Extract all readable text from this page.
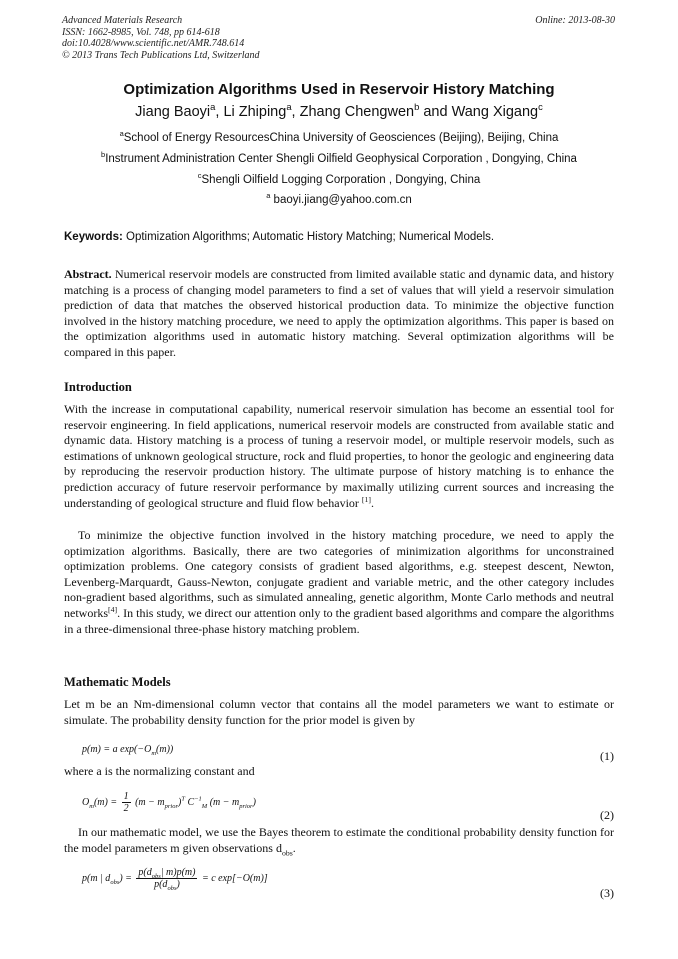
Advanced Materials Research
ISSN: 1662-8985, Vol. 748, pp 614-618
doi:10.4028/www.scientific.net/AMR.748.614
© 2013 Trans Tech Publications Ltd, Switzerland
Online: 2013-08-30
Optimization Algorithms Used in Reservoir History Matching
Jiang Baoyi$^a$, Li Zhiping$^a$, Zhang Chengwen$^b$ and Wang Xigang$^c$
$^a$School of Energy ResourcesChina University of Geosciences (Beijing), Beijing, China
$^b$Instrument Administration Center Shengli Oilfield Geophysical Corporation , Dongying, China
$^c$Shengli Oilfield Logging Corporation , Dongying, China
$^a$ baoyi.jiang@yahoo.com.cn
Keywords: Optimization Algorithms; Automatic History Matching; Numerical Models.
Abstract. Numerical reservoir models are constructed from limited available static and dynamic data, and history matching is a process of changing model parameters to find a set of values that will yield a reservoir simulation prediction of data that matches the observed historical production data. To minimize the objective function involved in the history matching procedure, we need to apply the optimization algorithms. This paper is based on the optimization algorithms used in automatic history matching. Several optimization algorithms will be compared in this paper.
Introduction
With the increase in computational capability, numerical reservoir simulation has become an essential tool for reservoir engineering. In field applications, numerical reservoir models are constructed from available static and dynamic data. History matching is a process of tuning a reservoir model, or multiple reservoir models, such as estimations of unknown geological structure, rock and fluid properties, to honor the geologic and engineering data by reproducing the reservoir production history. The ultimate purpose of history matching is to enhance the prediction accuracy of future reservoir performance by maximally utilizing current sources and increasing the understanding of geological structure and fluid flow behavior [1].
To minimize the objective function involved in the history matching procedure, we need to apply the optimization algorithms. Basically, there are two categories of minimization algorithms for unconstrained optimization problems. One category consists of gradient based algorithms, e.g. steepest descent, Newton, Levenberg-Marquardt, Gauss-Newton, conjugate gradient and variable metric, and the other category includes non-gradient based algorithms, such as simulated annealing, genetic algorithm, Monte Carlo methods and neutral networks[4]. In this study, we direct our attention only to the gradient based algorithms and compare the algorithms in a three-dimensional three-phase history matching problem.
Mathematic Models
Let m be an Nm-dimensional column vector that contains all the model parameters we want to estimate or simulate. The probability density function for the prior model is given by
p(m) = a $\exp(-O_m(m))$	(1)
where a is the normalizing constant and
$O_m(m) = \frac{1}{2} (m - m_{prior})^T$ $C^{-1}_M$ $(m - m_{prior})$
(2)
In our mathematic model, we use the Bayes theorem to estimate the conditional probability density function for the model parameters m given observations $d_{obs}$.
p(m | $d_{obs}) = \frac{p(d_{obs}| m)p(m)}{p(d_{obs})} = c$ exp[−O(m)]
(3)
